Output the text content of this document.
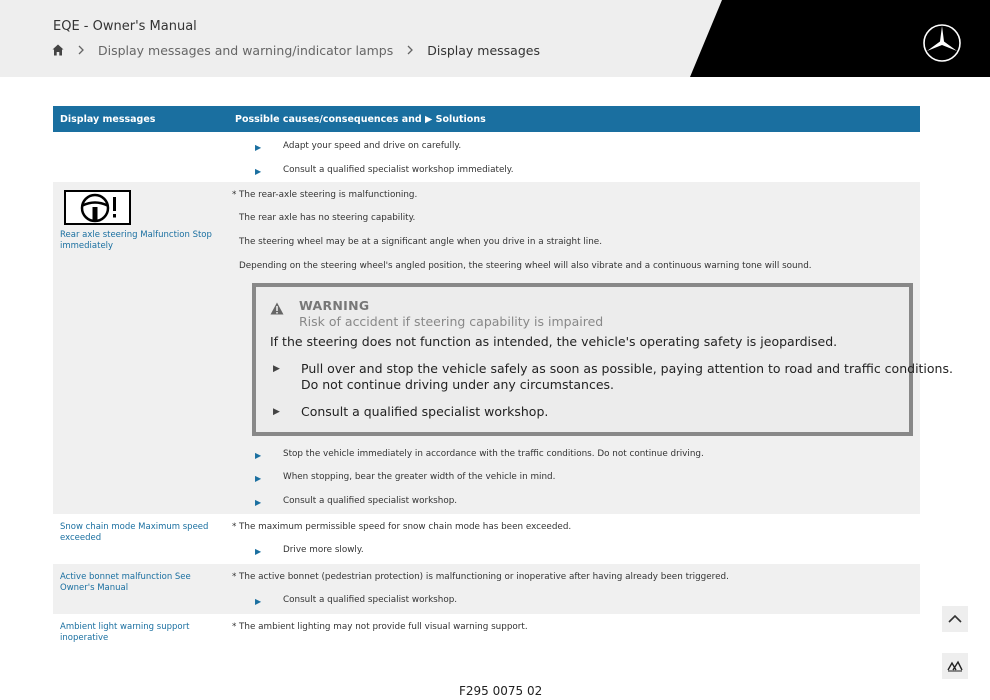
EQE - Owner's Manual
Display messages and warning/indicator lamps	Display messages
Display messages	Possible causes/consequences and ▶ Solutions
▶ Adapt your speed and drive on carefully.
▶ Consult a qualified specialist workshop immediately.
Rear axle steering Malfunction Stop immediately
* The rear-axle steering is malfunctioning.
The rear axle has no steering capability.
The steering wheel may be at a significant angle when you drive in a straight line.
Depending on the steering wheel's angled position, the steering wheel will also vibrate and a continuous warning tone will sound.
▶ Stop the vehicle immediately in accordance with the traffic conditions. Do not continue driving.
▶ When stopping, bear the greater width of the vehicle in mind.
▶ Consult a qualified specialist workshop.
WARNING
Risk of accident if steering capability is impaired
If the steering does not function as intended, the vehicle's operating safety is jeopardised.
▶ Pull over and stop the vehicle safely as soon as possible, paying attention to road and traffic conditions.
Do not continue driving under any circumstances.
▶ Consult a qualified specialist workshop.
Snow chain mode Maximum speed exceeded
* The maximum permissible speed for snow chain mode has been exceeded.
▶ Drive more slowly.
Active bonnet malfunction See Owner's Manual
* The active bonnet (pedestrian protection) is malfunctioning or inoperative after having already been triggered.
▶ Consult a qualified specialist workshop.
Ambient light warning support inoperative
* The ambient lighting may not provide full visual warning support.
F295 0075 02
